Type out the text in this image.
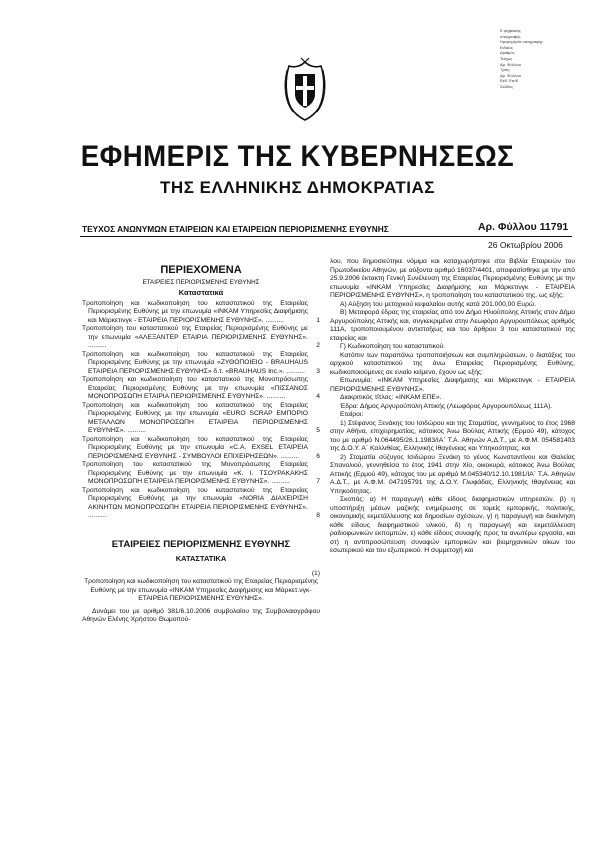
Ε.ψηφιακής
υπογραφής
Ημερομηνία υπογραφής
Ειδικός
Αριθμός
Τεύχος
Αρ. Φύλλου
Τρίτη
Αρ. Φύλλου
Εκδ. Επ/Κ
Σελίδες
ΕΦΗΜΕΡΙΣ ΤΗΣ ΚΥΒΕΡΝΗΣΕΩΣ
ΤΗΣ ΕΛΛΗΝΙΚΗΣ ΔΗΜΟΚΡΑΤΙΑΣ
ΤΕΥΧΟΣ ΑΝΩΝΥΜΩΝ ΕΤΑΙΡΕΙΩΝ ΚΑΙ ΕΤΑΙΡΕΙΩΝ ΠΕΡΙΟΡΙΣΜΕΝΗΣ ΕΥΘΥΝΗΣ	Αρ. Φύλλου 11791
26 Οκτωβρίου 2006
ΠΕΡΙΕΧΟΜΕΝΑ
ΕΤΑΙΡΕΙΕΣ ΠΕΡΙΟΡΙΣΜΕΝΗΣ ΕΥΘΥΝΗΣ
Καταστατικά
Τροποποίηση και κωδικοποίηση του καταστατικού της Εταιρείας Περιορισμένης Ευθύνης με την επωνυμία «ΙΝΚΑΜ Υπηρεσίες Διαφήμισης και Μάρκετινγκ - ΕΤΑΙΡΕΙΑ ΠΕΡΙΟΡΙΣΜΕΝΗΣ ΕΥΘΥΝΗΣ». ..........	1
Τροποποίηση του καταστατικού της Εταιρείας Περιορισμένης Ευθύνης με την επωνυμία «ΑΛΕΞΑΝΤΕΡ ΕΤΑΙΡΙΑ ΠΕΡΙΟΡΙΣΜΕΝΗΣ ΕΥΘΥΝΗΣ». ..........	2
Τροποποίηση και κωδικοποίηση του καταστατικού της Εταιρείας Περιορισμένης Ευθύνης με την επωνυμία «ΖΥΘΟΠΟΙΕΙΟ - BRAUHAUS ΕΤΑΙΡΕΙΑ ΠΕΡΙΟΡΙΣΜΕΝΗΣ ΕΥΘΥΝΗΣ» δ.τ. «BRAUHAUS Inc.». ..........	3
Τροποποίηση και κωδικοποίηση του καταστατικού της Μονοπρόσωπης Εταιρείας Περιορισμένης Ευθύνης με την επωνυμία «ΠΙΣΣΑΝΟΣ ΜΟΝΟΠΡΟΣΩΠΗ ΕΤΑΙΡΙΑ ΠΕΡΙΟΡΙΣΜΕΝΗΣ ΕΥΘΥΝΗΣ». ..........	4
Τροποποίηση και κωδικοποίηση του καταστατικού της Εταιρείας Περιορισμένης Ευθύνης με την επωνυμία «EURO SCRAP ΕΜΠΟΡΙΟ ΜΕΤΑΛΛΩΝ ΜΟΝΟΠΡΟΣΩΠΗ ΕΤΑΙΡΕΙΑ ΠΕΡΙΟΡΙΣΜΕΝΗΣ ΕΥΘΥΝΗΣ». ..........	5
Τροποποίηση και κωδικοποίηση του καταστατικού της Εταιρείας Περιορισμένης Ευθύνης με την επωνυμία «C.A. EXSEL ΕΤΑΙΡΕΙΑ ΠΕΡΙΟΡΙΣΜΕΝΗΣ ΕΥΘΥΝΗΣ - ΣΥΜΒΟΥΛΟΙ ΕΠΙΧΕΙΡΗΣΕΩΝ». ..........	6
Τροποποίηση του καταστατικού της Μονοπρόσωπης Εταιρείας Περιορισμένης Ευθύνης με την επωνυμία «Κ. Ι. ΤΣΟΥΡΑΚΑΚΗΣ ΜΟΝΟΠΡΟΣΩΠΗ ΕΤΑΙΡΕΙΑ ΠΕΡΙΟΡΙΣΜΕΝΗΣ ΕΥΘΥΝΗΣ». ..........	7
Τροποποίηση και κωδικοποίηση του καταστατικού της Εταιρείας Περιορισμένης Ευθύνης με την επωνυμία «NORIA ΔΙΑΧΕΙΡΙΣΗ ΑΚΙΝΗΤΩΝ ΜΟΝΟΠΡΟΣΩΠΗ ΕΤΑΙΡΕΙΑ ΠΕΡΙΟΡΙΣΜΕΝΗΣ ΕΥΘΥΝΗΣ». ..........	8
ΕΤΑΙΡΕΙΕΣ ΠΕΡΙΟΡΙΣΜΕΝΗΣ ΕΥΘΥΝΗΣ
ΚΑΤΑΣΤΑΤΙΚΑ

(1)

Τροποποίηση και κωδικοποίηση του καταστατικού της Εταιρείας Περιορισμένης Ευθύνης με την επωνυμία «ΙΝΚΑΜ Υπηρεσίες Διαφήμισης και Μάρκετ.νγκ-ΕΤΑΙΡΕΙΑ ΠΕΡΙΟΡΙΣΜΕΝΗΣ ΕΥΘΥΝΗΣ».

Δυνάμει του με αριθμό 381/6.10.2006 συμβολαίου της Συμβολαιογράφου Αθηνών Ελένης Χρήστου Θωμοπού-

λου, που δημοσιεύτηκε νόμιμα και καταχωρήστηκε στα Βιβλία Εταιρειών του Πρωτοδικείου Αθηνών, με αύξοντα αριθμό 16037/4401, αποφασίσθηκε με την από 25.9.2006 έκτακτη Γενική Συνέλευση της Εταιρείας Περιορισμένης Ευθύνης με την επωνυμία «ΙΝΚΑΜ Υπηρεσίες Διαφήμισης και Μάρκετινγκ - ΕΤΑΙΡΕΙΑ ΠΕΡΙΟΡΙΣΜΕΝΗΣ ΕΥΘΥΝΗΣ», η τροποποίηση του καταστατικού της, ως εξής:

Α) Αύξηση του μετοχικού κεφαλαίου αυτής κατά 201.000,00 Ευρώ.

Β) Μεταφορά έδρας της εταιρείας από τον Δήμο Ηλιούπολης Αττικής στον Δήμο Αργυρούπολης Αττικής και, συγκεκριμένα στην Λεωφόρο Αργυρουπόλεως αριθμός 111Α, τροποποιουμένου αντιστοίχως και του άρθρου 3 του καταστατικού της εταιρείας και

Γ) Κωδικοποίηση του καταστατικού.

Κατόπιν των παραπάνω τροποποιήσεων και συμπληρώσεων, ο διατάξεις του αρχικού καταστατικού της άνω Εταιρείας Περιορισμένης Ευθύνης, κωδικοποιούμενες σε ενιαίο κείμενο, έχουν ως εξής:

Επωνυμία: «ΙΝΚΑΜ Υπηρεσίες Διαφήμισης και Μάρκετινγκ - ΕΤΑΙΡΕΙΑ ΠΕΡΙΟΡΙΣΜΕΝΗΣ ΕΥΘΥΝΗΣ».

Διακριτικός τίτλος: «ΙΝΚΑΜ ΕΠΕ».

Έδρα: Δήμος Αργυρούπολη Αττικής (Λεωφόρος Αργυρουπόλεως 111Α).

Εταίροι:

1) Στέφανος Ξενάκης του Ισιδώρου και της Σταματίας, γεννημένος το έτος 1968 στην Αθήνα, επιχειρηματίας, κάτοικος Άνω Βούλας Αττικής (Ερμού 49), κάτοχος του με αριθμό Ν.064495/26.1.1983/ΙΑ΄ Τ.Α. Αθηνών Α.Δ.Τ., με Α.Φ.Μ. 054581403 της Δ.Ο.Υ. Α΄ Καλλιθέας, Ελληνικής Ιθαγένειας και Υπηκοότητας, και

2) Σταματία σύζυγος Ισιδώρου Ξενάκη το γένος Κωνσταντίνου και Θαλείας Σπανολιού, γεννηθείσα το έτος 1941 στην Χίο, οικοκυρά, κάτοικος Άνω Βούλας Αττικής (Ερμού 49), κάτοχος του με αριθμό Μ.045340/12.10.1981/ΙΑ΄ Τ.Α. Αθηνών Α.Δ.Τ., με Α.Φ.Μ. 047195791 της Δ.Ο.Υ. Γλυφάδας, Ελληνικής Ιθαγένειας και Υπηκοότητας.

Σκοπός: α) Η παραγωγή κάθε είδους διαφημιστικών υπηρεσιών. β) η υποστήριξη μέσων μαζικής ενημέρωσης σε τομείς εμπορικής, πολιτικής, οικονομικής εκμετάλλευσης και δημοσίων σχέσεων, γ) η παραγωγή και διακίνηση κάθε είδους διαφημιστικού υλικού, δ) η παραγωγή και εκμετάλλευση ραδιοφωνικών εκπομπών, ε) κάθε είδους συναφής προς τα ανωτέρω εργασία, και στ) η αντιπροσώπευση συναφών εμπορικών και βιομηχανικών οίκων του εσωτερικού και του εξωτερικού. Η συμμετοχή και
